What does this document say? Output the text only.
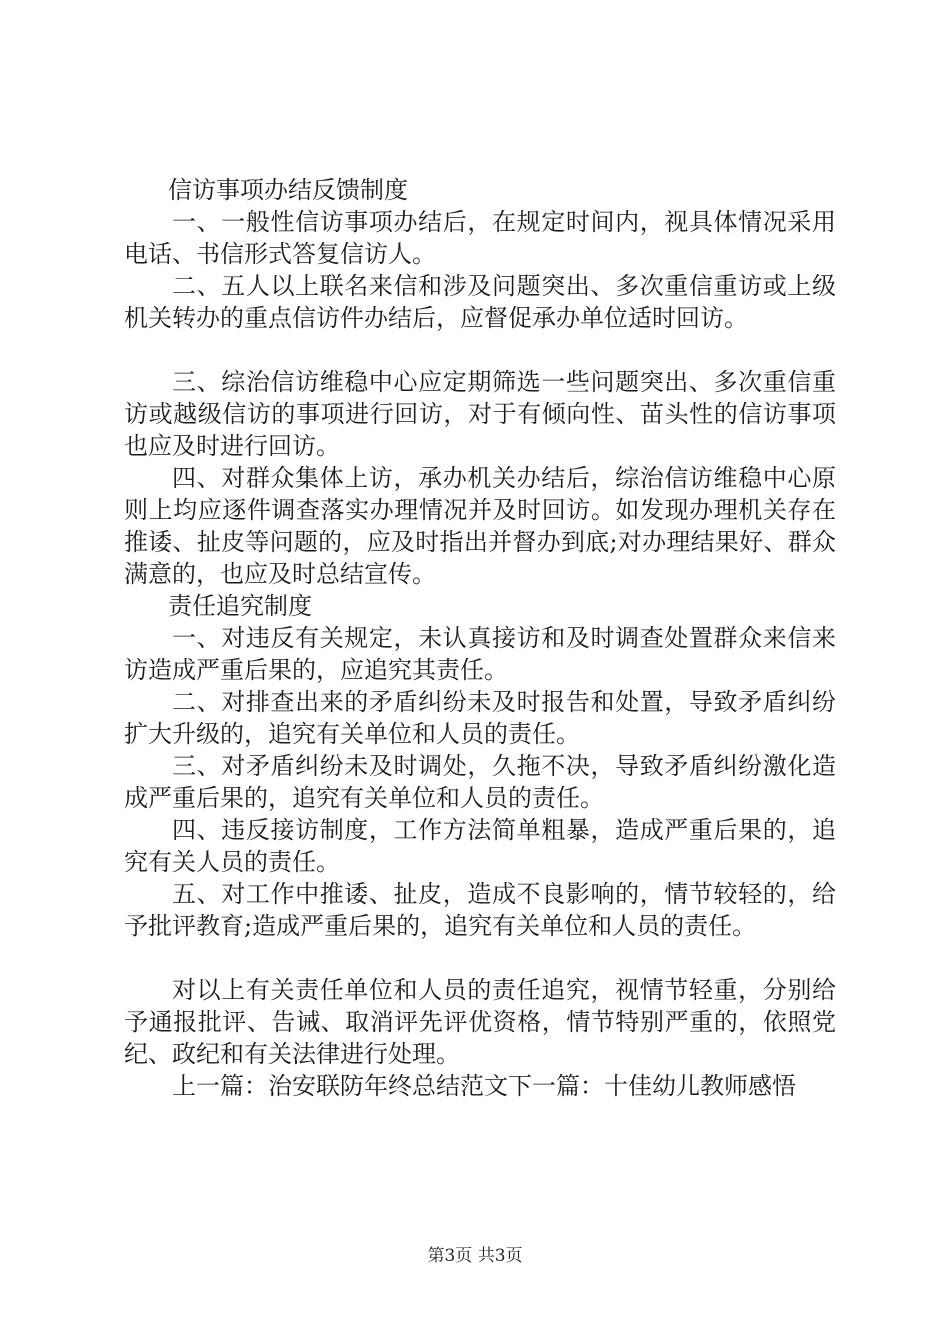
信访事项办结反馈制度

一、一般性信访事项办结后，在规定时间内，视具体情况采用电话、书信形式答复信访人。

二、五人以上联名来信和涉及问题突出、多次重信重访或上级机关转办的重点信访件办结后，应督促承办单位适时回访。

三、综治信访维稳中心应定期筛选一些问题突出、多次重信重访或越级信访的事项进行回访，对于有倾向性、苗头性的信访事项也应及时进行回访。

四、对群众集体上访，承办机关办结后，综治信访维稳中心原则上均应逐件调查落实办理情况并及时回访。如发现办理机关存在推诿、扯皮等问题的，应及时指出并督办到底;对办理结果好、群众满意的，也应及时总结宣传。

责任追究制度

一、对违反有关规定，未认真接访和及时调查处置群众来信来访造成严重后果的，应追究其责任。

二、对排查出来的矛盾纠纷未及时报告和处置，导致矛盾纠纷扩大升级的，追究有关单位和人员的责任。

三、对矛盾纠纷未及时调处，久拖不决，导致矛盾纠纷激化造成严重后果的，追究有关单位和人员的责任。

四、违反接访制度，工作方法简单粗暴，造成严重后果的，追究有关人员的责任。

五、对工作中推诿、扯皮，造成不良影响的，情节较轻的，给予批评教育;造成严重后果的，追究有关单位和人员的责任。

对以上有关责任单位和人员的责任追究，视情节轻重，分别给予通报批评、告诫、取消评先评优资格，情节特别严重的，依照党纪、政纪和有关法律进行处理。

上一篇：治安联防年终总结范文下一篇：十佳幼儿教师感悟

第3页 共3页
